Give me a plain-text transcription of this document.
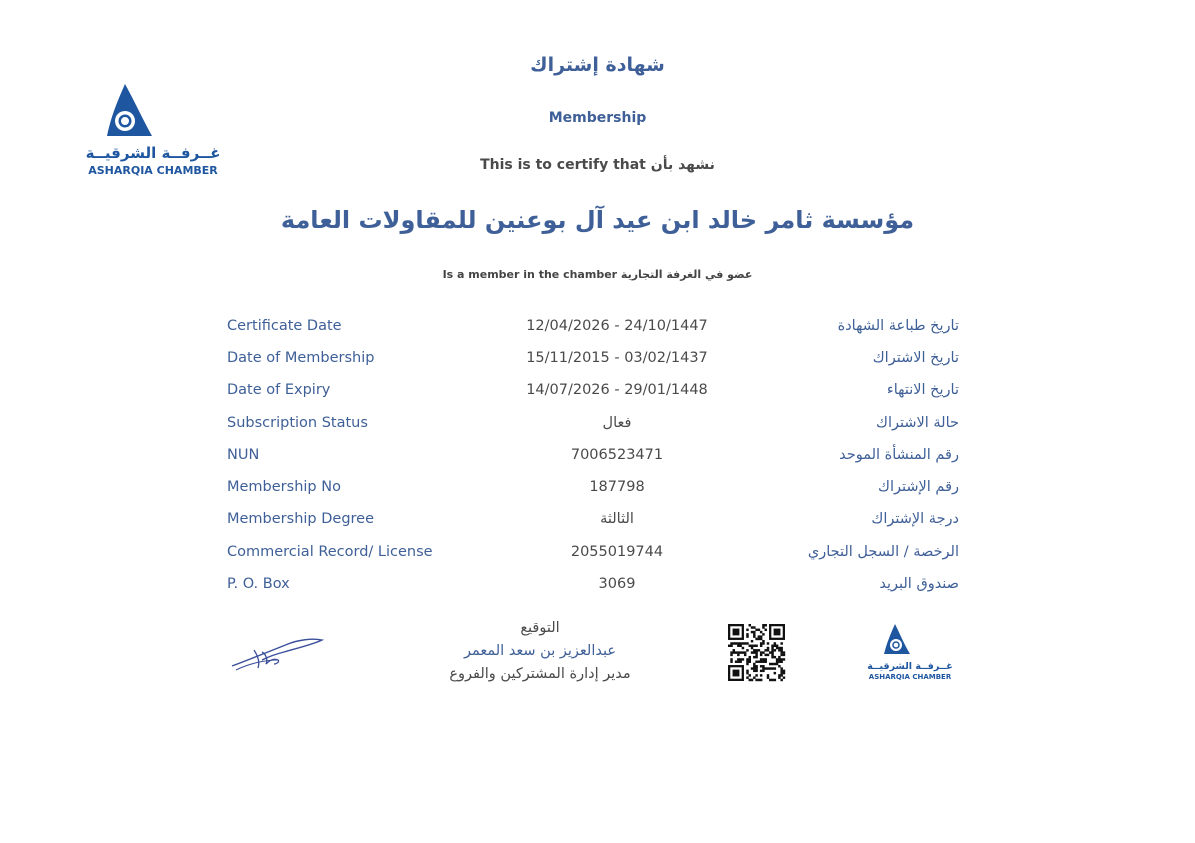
غــرفــة الشرقيــة
ASHARQIA CHAMBER
شهادة إشتراك
Membership
This is to certify that نشهد بأن
مؤسسة ثامر خالد ابن عيد آل بوعنين للمقاولات العامة
Is a member in the chamber عضو في الغرفة التجارية
Certificate Date	12/04/2026 - 24/10/1447	تاريخ طباعة الشهادة
Date of Membership	15/11/2015 - 03/02/1437	تاريخ الاشتراك
Date of Expiry	14/07/2026 - 29/01/1448	تاريخ الانتهاء
Subscription Status	فعال	حالة الاشتراك
NUN	7006523471	رقم المنشأة الموحد
Membership No	187798	رقم الإشتراك
Membership Degree	الثالثة	درجة الإشتراك
Commercial Record/ License	2055019744	الرخصة / السجل التجاري
P. O. Box	3069	صندوق البريد
التوقيع
عبدالعزيز بن سعد المعمر
مدير إدارة المشتركين والفروع	غــرفــة الشرقيــة
ASHARQIA CHAMBER
